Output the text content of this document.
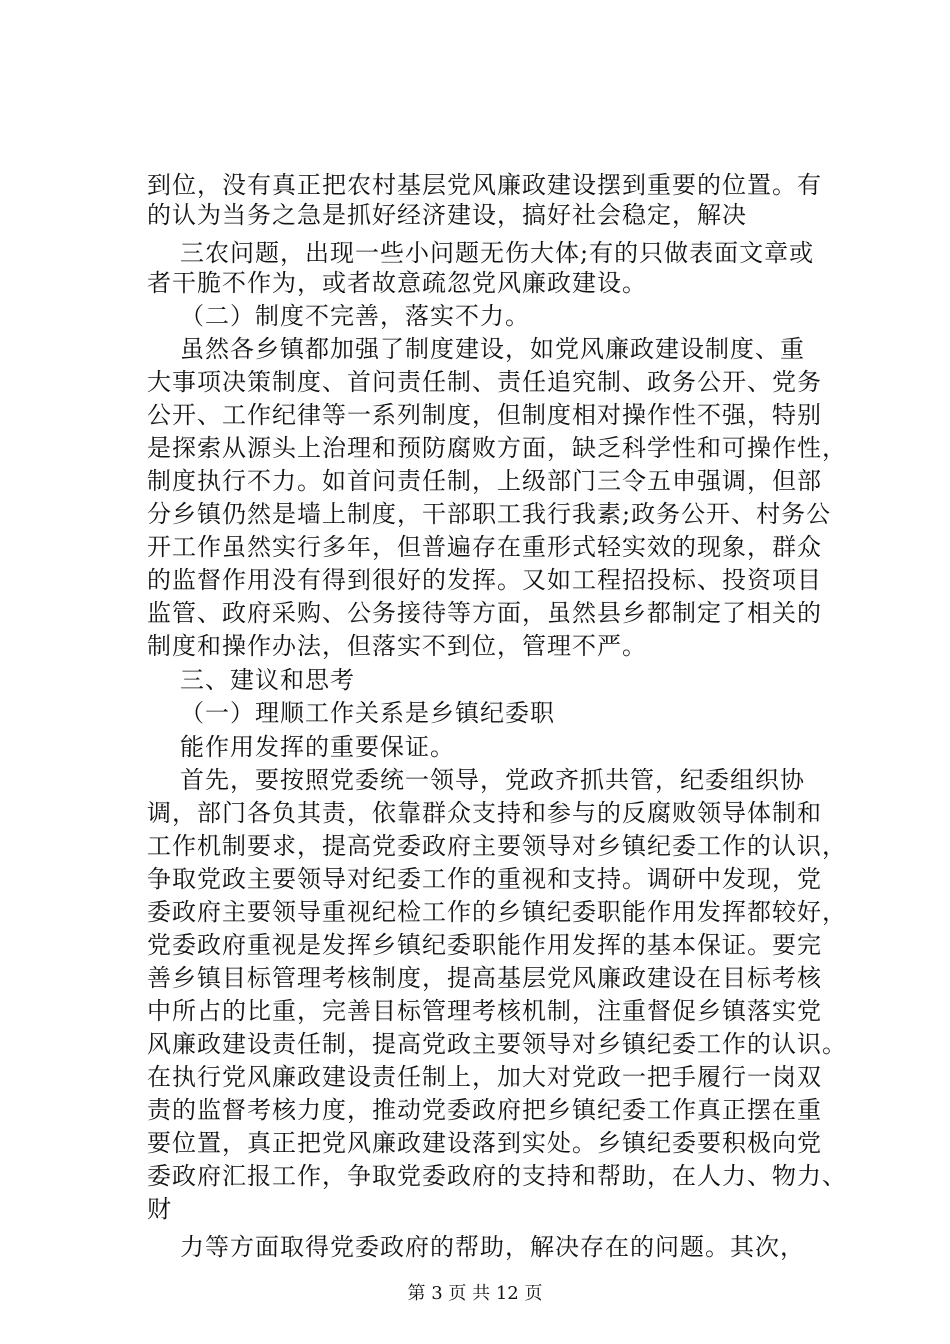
到位，没有真正把农村基层党风廉政建设摆到重要的位置。有
的认为当务之急是抓好经济建设，搞好社会稳定，解决
三农问题，出现一些小问题无伤大体;有的只做表面文章或
者干脆不作为，或者故意疏忽党风廉政建设。
（二）制度不完善，落实不力。
虽然各乡镇都加强了制度建设，如党风廉政建设制度、重
大事项决策制度、首问责任制、责任追究制、政务公开、党务
公开、工作纪律等一系列制度，但制度相对操作性不强，特别
是探索从源头上治理和预防腐败方面，缺乏科学性和可操作性，
制度执行不力。如首问责任制，上级部门三令五申强调，但部
分乡镇仍然是墙上制度，干部职工我行我素;政务公开、村务公
开工作虽然实行多年，但普遍存在重形式轻实效的现象，群众
的监督作用没有得到很好的发挥。又如工程招投标、投资项目
监管、政府采购、公务接待等方面，虽然县乡都制定了相关的
制度和操作办法，但落实不到位，管理不严。
三、建议和思考
（一）理顺工作关系是乡镇纪委职
能作用发挥的重要保证。
首先，要按照党委统一领导，党政齐抓共管，纪委组织协
调，部门各负其责，依靠群众支持和参与的反腐败领导体制和
工作机制要求，提高党委政府主要领导对乡镇纪委工作的认识，
争取党政主要领导对纪委工作的重视和支持。调研中发现，党
委政府主要领导重视纪检工作的乡镇纪委职能作用发挥都较好，
党委政府重视是发挥乡镇纪委职能作用发挥的基本保证。要完
善乡镇目标管理考核制度，提高基层党风廉政建设在目标考核
中所占的比重，完善目标管理考核机制，注重督促乡镇落实党
风廉政建设责任制，提高党政主要领导对乡镇纪委工作的认识。
在执行党风廉政建设责任制上，加大对党政一把手履行一岗双
责的监督考核力度，推动党委政府把乡镇纪委工作真正摆在重
要位置，真正把党风廉政建设落到实处。乡镇纪委要积极向党
委政府汇报工作，争取党委政府的支持和帮助，在人力、物力、
财
力等方面取得党委政府的帮助，解决存在的问题。其次，
第 3 页 共 12 页
